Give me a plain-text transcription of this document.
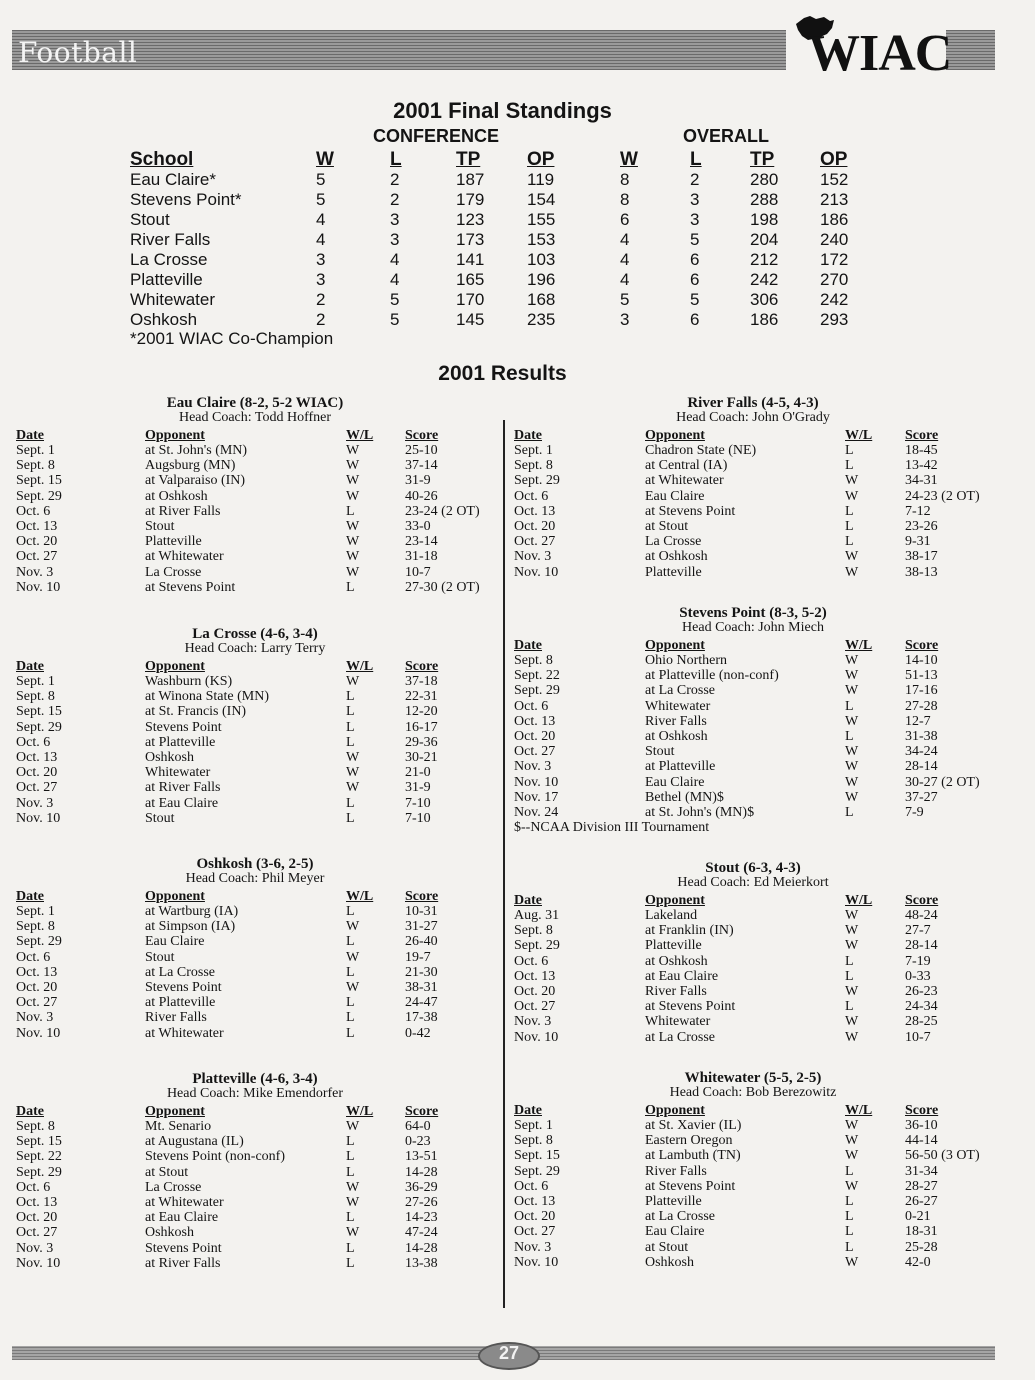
Football	WIAC
2001 Final Standings
CONFERENCE	OVERALL
School	W	L	TP OP	W	L	TP OP
Eau Claire*	5	2	187	119	8	2	280 152
Stevens Point*	5	2	179	154	8	3	288 213
Stout	4	3	123	155	6	3	198 186
River Falls	4	3	173	153	4	5	204 240
La Crosse	3	4	141	103	4	6	212 172
Platteville	3	4	165	196	4	6	242 270
Whitewater	2	5	170	168	5	5	306 242
Oshkosh	2	5	145	235	3	6	186 293
*2001 WIAC Co-Champion
2001 Results
Eau Claire (8-2, 5-2 WIAC)
Head Coach: Todd Hoffner
Date	Opponent	W/L Score
Sept. 1	at St. John's (MN)	W	25-10
Sept. 8	Augsburg (MN)	W	37-14
Sept. 15	at Valparaiso (IN)	W	31-9
Sept. 29	at Oshkosh	W	40-26
Oct. 6	at River Falls	L	23-24 (2 OT)
Oct. 13	Stout	W	33-0
Oct. 20	Platteville	W	23-14
Oct. 27	at Whitewater	W	31-18
Nov. 3	La Crosse	W	10-7
Nov. 10	at Stevens Point	L	27-30 (2 OT)
La Crosse (4-6, 3-4)
Head Coach: Larry Terry
Date	Opponent	W/L Score
Sept. 1	Washburn (KS)	W	37-18
Sept. 8	at Winona State (MN)	L	22-31
Sept. 15	at St. Francis (IN)	L	12-20
Sept. 29	Stevens Point	L	16-17
Oct. 6	at Platteville	L	29-36
Oct. 13	Oshkosh	W	30-21
Oct. 20	Whitewater	W	21-0
Oct. 27	at River Falls	W	31-9
Nov. 3	at Eau Claire	L	7-10
Nov. 10	Stout	L	7-10
Oshkosh (3-6, 2-5)
Head Coach: Phil Meyer
Date	Opponent	W/L Score
Sept. 1	at Wartburg (IA)	L	10-31
Sept. 8	at Simpson (IA)	W	31-27
Sept. 29	Eau Claire	L	26-40
Oct. 6	Stout	W	19-7
Oct. 13	at La Crosse	L	21-30
Oct. 20	Stevens Point	W	38-31
Oct. 27	at Platteville	L	24-47
Nov. 3	River Falls	L	17-38
Nov. 10	at Whitewater	L	0-42
Platteville (4-6, 3-4)
Head Coach: Mike Emendorfer
Date	Opponent	W/L Score
Sept. 8	Mt. Senario	W	64-0
Sept. 15	at Augustana (IL)	L	0-23
Sept. 22	Stevens Point (non-conf)	L	13-51
Sept. 29	at Stout	L	14-28
Oct. 6	La Crosse	W	36-29
Oct. 13	at Whitewater	W	27-26
Oct. 20	at Eau Claire	L	14-23
Oct. 27	Oshkosh	W	47-24
Nov. 3	Stevens Point	L	14-28
Nov. 10	at River Falls	L	13-38
River Falls (4-5, 4-3)
Head Coach: John O'Grady
Date	Opponent	W/L Score
Sept. 1	Chadron State (NE)	L	18-45
Sept. 8	at Central (IA)	L	13-42
Sept. 29	at Whitewater	W	34-31
Oct. 6	Eau Claire	W	24-23 (2 OT)
Oct. 13	at Stevens Point	L	7-12
Oct. 20	at Stout	L	23-26
Oct. 27	La Crosse	L	9-31
Nov. 3	at Oshkosh	W	38-17
Nov. 10	Platteville	W	38-13
Stevens Point (8-3, 5-2)
Head Coach: John Miech
Date	Opponent	W/L Score
Sept. 8	Ohio Northern	W	14-10
Sept. 22	at Platteville (non-conf)	W	51-13
Sept. 29	at La Crosse	W	17-16
Oct. 6	Whitewater	L	27-28
Oct. 13	River Falls	W	12-7
Oct. 20	at Oshkosh	L	31-38
Oct. 27	Stout	W	34-24
Nov. 3	at Platteville	W	28-14
Nov. 10	Eau Claire	W	30-27 (2 OT)
Nov. 17	Bethel (MN)$	W	37-27
Nov. 24	at St. John's (MN)$	L	7-9
$--NCAA Division III Tournament
Stout (6-3, 4-3)
Head Coach: Ed Meierkort
Date	Opponent	W/L Score
Aug. 31	Lakeland	W	48-24
Sept. 8	at Franklin (IN)	W	27-7
Sept. 29	Platteville	W	28-14
Oct. 6	at Oshkosh	L	7-19
Oct. 13	at Eau Claire	L	0-33
Oct. 20	River Falls	W	26-23
Oct. 27	at Stevens Point	L	24-34
Nov. 3	Whitewater	W	28-25
Nov. 10	at La Crosse	W	10-7
Whitewater (5-5, 2-5)
Head Coach: Bob Berezowitz
Date	Opponent	W/L Score
Sept. 1	at St. Xavier (IL)	W	36-10
Sept. 8	Eastern Oregon	W	44-14
Sept. 15	at Lambuth (TN)	W	56-50 (3 OT)
Sept. 29	River Falls	L	31-34
Oct. 6	at Stevens Point	W	28-27
Oct. 13	Platteville	L	26-27
Oct. 20	at La Crosse	L	0-21
Oct. 27	Eau Claire	L	18-31
Nov. 3	at Stout	L	25-28
Nov. 10	Oshkosh	W	42-0
27
